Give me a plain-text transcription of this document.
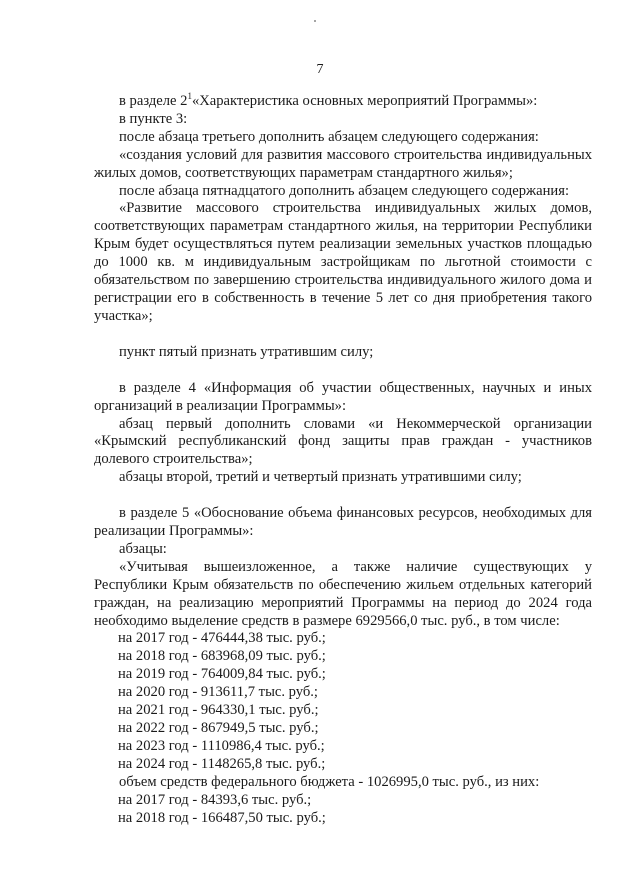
7

в разделе $2^1«Характеристика$ основных мероприятий Программы»:

в пункте 3:

после абзаца третьего дополнить абзацем следующего содержания:

«создания условий для развития массового строительства индивидуальных жилых домов, соответствующих параметрам стандартного жилья»;

после абзаца пятнадцатого дополнить абзацем следующего содержания:

«Развитие массового строительства индивидуальных жилых домов, соответствующих параметрам стандартного жилья, на территории Республики Крым будет осуществляться путем реализации земельных участков площадью до 1000 кв. м индивидуальным застройщикам по льготной стоимости с обязательством по завершению строительства индивидуального жилого дома и регистрации его в собственность в течение 5 лет со дня приобретения такого участка»;

пункт пятый признать утратившим силу;

в разделе 4 «Информация об участии общественных, научных и иных организаций в реализации Программы»:

абзац первый дополнить словами «и Некоммерческой организации «Крымский республиканский фонд защиты прав граждан - участников долевого строительства»;

абзацы второй, третий и четвертый признать утратившими силу;

в разделе 5 «Обоснование объема финансовых ресурсов, необходимых для реализации Программы»:

абзацы:

«Учитывая вышеизложенное, а также наличие существующих у Республики Крым обязательств по обеспечению жильем отдельных категорий граждан, на реализацию мероприятий Программы на период до 2024 года необходимо выделение средств в размере 6929566,0 тыс. руб., в том числе:

на 2017 год - 476444,38 тыс. руб.;

на 2018 год - 683968,09 тыс. руб.;

на 2019 год - 764009,84 тыс. руб.;

на 2020 год - 913611,7 тыс. руб.;

на 2021 год - 964330,1 тыс. руб.;

на 2022 год - 867949,5 тыс. руб.;

на 2023 год - 1110986,4 тыс. руб.;

на 2024 год - 1148265,8 тыс. руб.;

объем средств федерального бюджета - 1026995,0 тыс. руб., из них:

на 2017 год - 84393,6 тыс. руб.;

на 2018 год - 166487,50 тыс. руб.;
